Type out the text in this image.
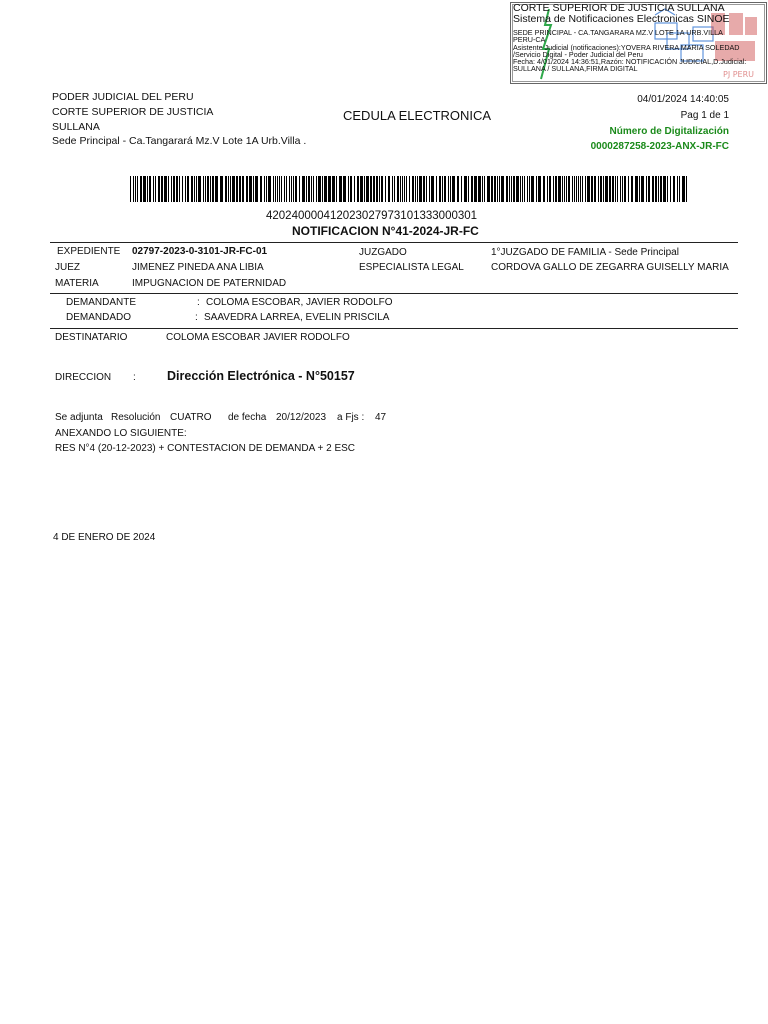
PJ PERU
CORTE SUPERIOR DE JUSTICIA SULLANA
Sistema de Notificaciones Electronicas SINOE
SEDE PRINCIPAL - CA.TANGARARA MZ.V LOTE 1A URB.VILLA
PERU-CA
Asistente Judicial (notificaciones):YOVERA RIVERA MARIA SOLEDAD
/Servicio Digital - Poder Judicial del Peru
Fecha: 4/01/2024 14:36:51,Razón: NOTIFICACIÓN JUDICIAL,D.Judicial:
SULLANA / SULLANA,FIRMA DIGITAL
PODER JUDICIAL DEL PERU
CORTE SUPERIOR DE JUSTICIA
SULLANA
Sede Principal - Ca.Tangarará Mz.V Lote 1A Urb.Villa .
CEDULA ELECTRONICA
04/01/2024 14:40:05
Pag 1 de 1
Número de Digitalización
0000287258-2023-ANX-JR-FC
42024000041202302797310133300030​1
NOTIFICACION N°41-2024-JR-FC
EXPEDIENTE 02797-2023-0-3101-JR-FC-01	JUZGADO	1°JUZGADO DE FAMILIA - Sede Principal
JUEZ	JIMENEZ PINEDA ANA LIBIA	ESPECIALISTA LEGAL	CORDOVA GALLO DE ZEGARRA GUISELLY MARIA
MATERIA	IMPUGNACION DE PATERNIDAD
DEMANDANTE	: COLOMA ESCOBAR, JAVIER RODOLFO
DEMANDADO	: SAAVEDRA LARREA, EVELIN PRISCILA
DESTINATARIO	COLOMA ESCOBAR JAVIER RODOLFO
DIRECCION : Dirección Electrónica - N°50157
Se adjunta Resolución CUATRO de fecha 20/12/2023 a Fjs : 47
ANEXANDO LO SIGUIENTE:
RES N°4 (20-12-2023) + CONTESTACION DE DEMANDA + 2 ESC
4 DE ENERO DE 2024
